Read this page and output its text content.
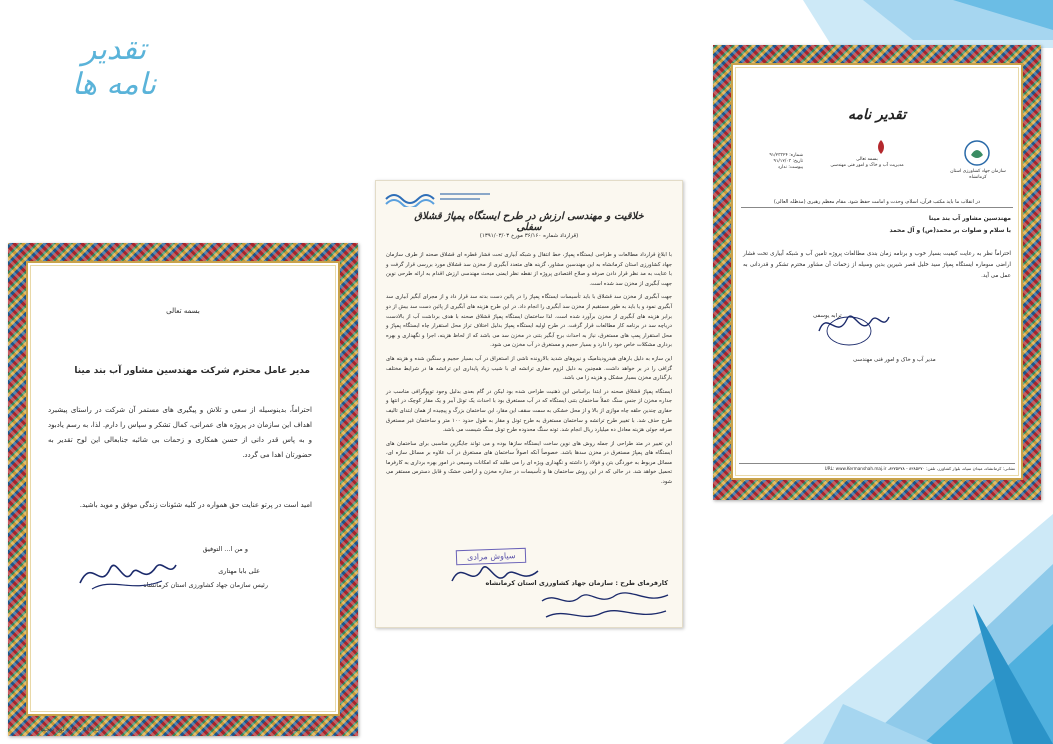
تقدیر نامه ها
بسمه تعالی
مدیر عامل محترم شرکت مهندسین مشاور آب بند مینا
احتراماً، بدینوسیله از سعی و تلاش و پیگیری های مستمر آن شرکت در راستای پیشبرد اهداف این سازمان در پروژه های عمرانی، کمال تشکر و سپاس را دارم. لذا، به رسم یادبود و به پاس قدر دانی از حسن همکاری و زحمات بی شائبه جنابعالی این لوح تقدیر به حضورتان اهدا می گردد.
امید است در پرتو عنایت حق همواره در کلیه شئونات زندگی موفق و موید باشید.
و من ا... التوفیق
علی بابا مهتاری
رئیس سازمان جهاد کشاورزی استان کرمانشاه
ک ۵۸۳ - ۸۹ - لوح دیجیتال	تذهیب نظری
خلاقیت و مهندسی ارزش در طرح ایستگاه پمپاژ قشلاق سفلی
(قرارداد شماره ۳۶/۱۶۰ مورخ ۱۳۹۱/۰۳/۰۳)

با ابلاغ قرارداد مطالعات و طراحی ایستگاه پمپاژ، خط انتقال و شبکه آبیاری تحت فشار قطره ای قشلاق صحنه از طرف سازمان جهاد کشاورزی استان کرمانشاه به این مهندسین مشاور، گزینه های متعدد آبگیری از مخزن سد قشلاق مورد بررسی قرار گرفت و با عنایت به مد نظر قرار دادن صرفه و صلاح اقتصادی پروژه از نقطه نظر ایمنی مبحث مهندسی ارزش اقدام به ارائه طرحی نوین جهت آبگیری از مخزن سد شده است.

جهت آبگیری از مخزن سد قشلاق با باید تأسیسات ایستگاه پمپاژ را در پائین دست بدنه سد قرار داد و از مجرای آبگیر آبیاری سد آبگیری نمود و یا باید به طور مستقیم از مخزن سد آبگیری را انجام داد. در این طرح هزینه های آبگیری از پائین دست سد بیش از دو برابر هزینه های آبگیری از مخزن برآورد شده است. لذا ساختمان ایستگاه پمپاژ قشلاق صحنه با هدف برداشت آب از بالادست دریاچه سد در برنامه کار مطالعات قرار گرفت. در طرح اولیه ایستگاه پمپاژ بدلیل اختلاف تراز محل استقرار چاه ایستگاه پمپاژ و محل استقرار پمپ های مستغرق، نیاز به احداث برج آبگیر بتنی در مخزن سد می باشد که از لحاظ هزینه، اجرا و نگهداری و بهره برداری مشکلات خاص خود را دارد و بسیار حجیم و مستغرق در آب مخزن می شود.

این سازه به دلیل بارهای هیدرودینامیک و نیروهای شدید بالارونده ناشی از استغراق در آب بسیار حجیم و سنگین شده و هزینه های گزافی را در بر خواهد داشت. همچنین به دلیل لزوم حفاری ترانشه ای با شیب زیاد پایداری این ترانشه ها در شرایط مختلف بارگذاری مخزن بسیار مشکل و هزینه زا می باشد.

ایستگاه پمپاژ قشلاق صحنه در ابتدا براساس این ذهنیت طراحی شده بود لیکن در گام بعدی بدلیل وجود توپوگرافی مناسب در جداره مخزن از جنس سنگ عملاً ساختمان بتنی ایستگاه که در آب مستغرق بود با احداث یک تونل آببر و یک مقار کوچک در انتها و حفاری چندین حلقه چاه موازی از بالا و از محل خشکی به سمت سقف این مقار، این ساختمان بزرگ و پیچیده از همان ابتدای تالیف طرح حذف شد. با تغییر طرح ترانشه و ساختمان مستغرق به طرح تونل و مقار به طول حدود ۱۰۰ متر و ساختمان غیر مستغرق صرفه جوئی هزینه معادل ده میلیارد ریال انجام شد. تونه سنگ محدوده طرح تونل سنگ شیست می باشد.

این تغییر در متد طراحی از جمله روش های نوین ساخت ایستگاه سازها بوده و می تواند جایگزین مناسبی برای ساختمان های ایستگاه های پمپاژ مستغرق در مخزن سدها باشد. خصوصاً آنکه اصولاً ساختمان های مستغرق در آب علاوه بر مسائل سازه ای، مسائل مربوط به خوردگی بتن و فولاد را داشته و نگهداری ویژه ای را می طلبد که امکانات وسیعی در امور بهره برداری به کارفرما تحمیل خواهد شد. در حالی که در این روش ساختمان ها و تأسیسات در جداره مخزن و اراضی خشک و قابل دسترس مستقر می شود.

سیاوش مرادی
کارفرمای طرح : سازمان جهاد کشاورزی استان کرمانشاه
تقدیر نامه
سازمان جهاد کشاورزی استان کرمانشاه
بسمه تعالی
مدیریت آب و خاک و امور فنی مهندسی
شماره: ۹۱/۲۳۳۲۴
تاریخ: ۹۱/۱۲/۰۳
پیوست: ندارد
در انقلاب ما باید مکتب قرآن، اسلام، وحدت و امامت حفظ شود. مقام معظم رهبری (مدظله العالی)
مهندسین مشاور آب بند مینا
با سلام و صلوات بر محمد(ص) و آل محمد
احتراماً نظر به رعایت کیفیت بسیار خوب و برنامه زمان بندی مطالعات پروژه تامین آب و شبکه آبیاری تحت فشار اراضی سوماره ایستگاه پمپاژ سید خلیل قصر شیرین بدین وسیله از زحمات آن مشاور محترم تشکر و قدردانی به عمل می آید.
ترابه یوسفی
مدیر آب و خاک و امور فنی مهندسی
نشانی: کرمانشاه، میدان سپاه، بلوار کشاورز، تلفن: ۸۳۸۵۳۷۰ - ۸۳۷۵۳۷۸، URL: www.Kermanshah.maj.ir
